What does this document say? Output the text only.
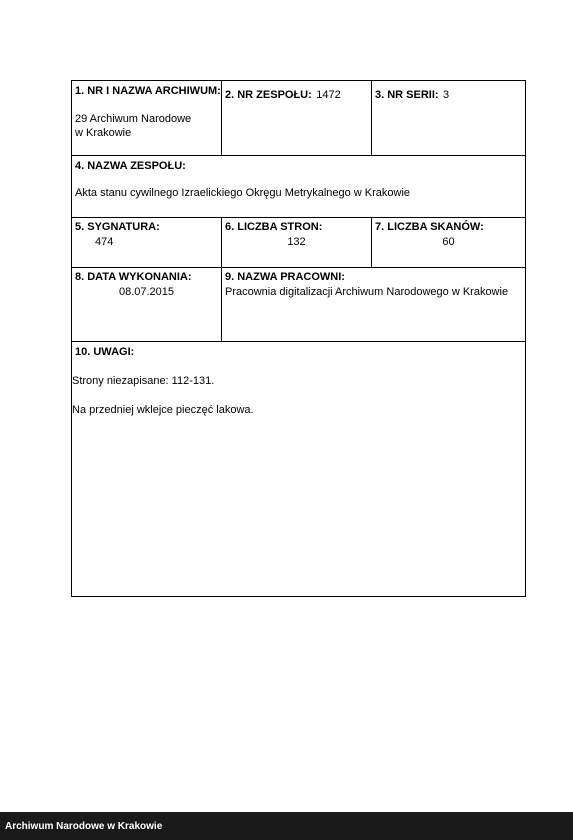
1. NR I NAZWA ARCHIWUM:
29 Archiwum Narodowe
w Krakowie
2. NR ZESPOŁU: 1472	3. NR SERII: 3
4. NAZWA ZESPOŁU:
Akta stanu cywilnego Izraelickiego Okręgu Metrykalnego w Krakowie
5. SYGNATURA:
474
6. LICZBA STRON:
132
7. LICZBA SKANÓW:
60
8. DATA WYKONANIA:
08.07.2015
9. NAZWA PRACOWNI:
Pracownia digitalizacji Archiwum Narodowego w Krakowie
10. UWAGI:
Strony niezapisane: 112-131.
Na przedniej wklejce pieczęć lakowa.
Archiwum Narodowe w Krakowie
